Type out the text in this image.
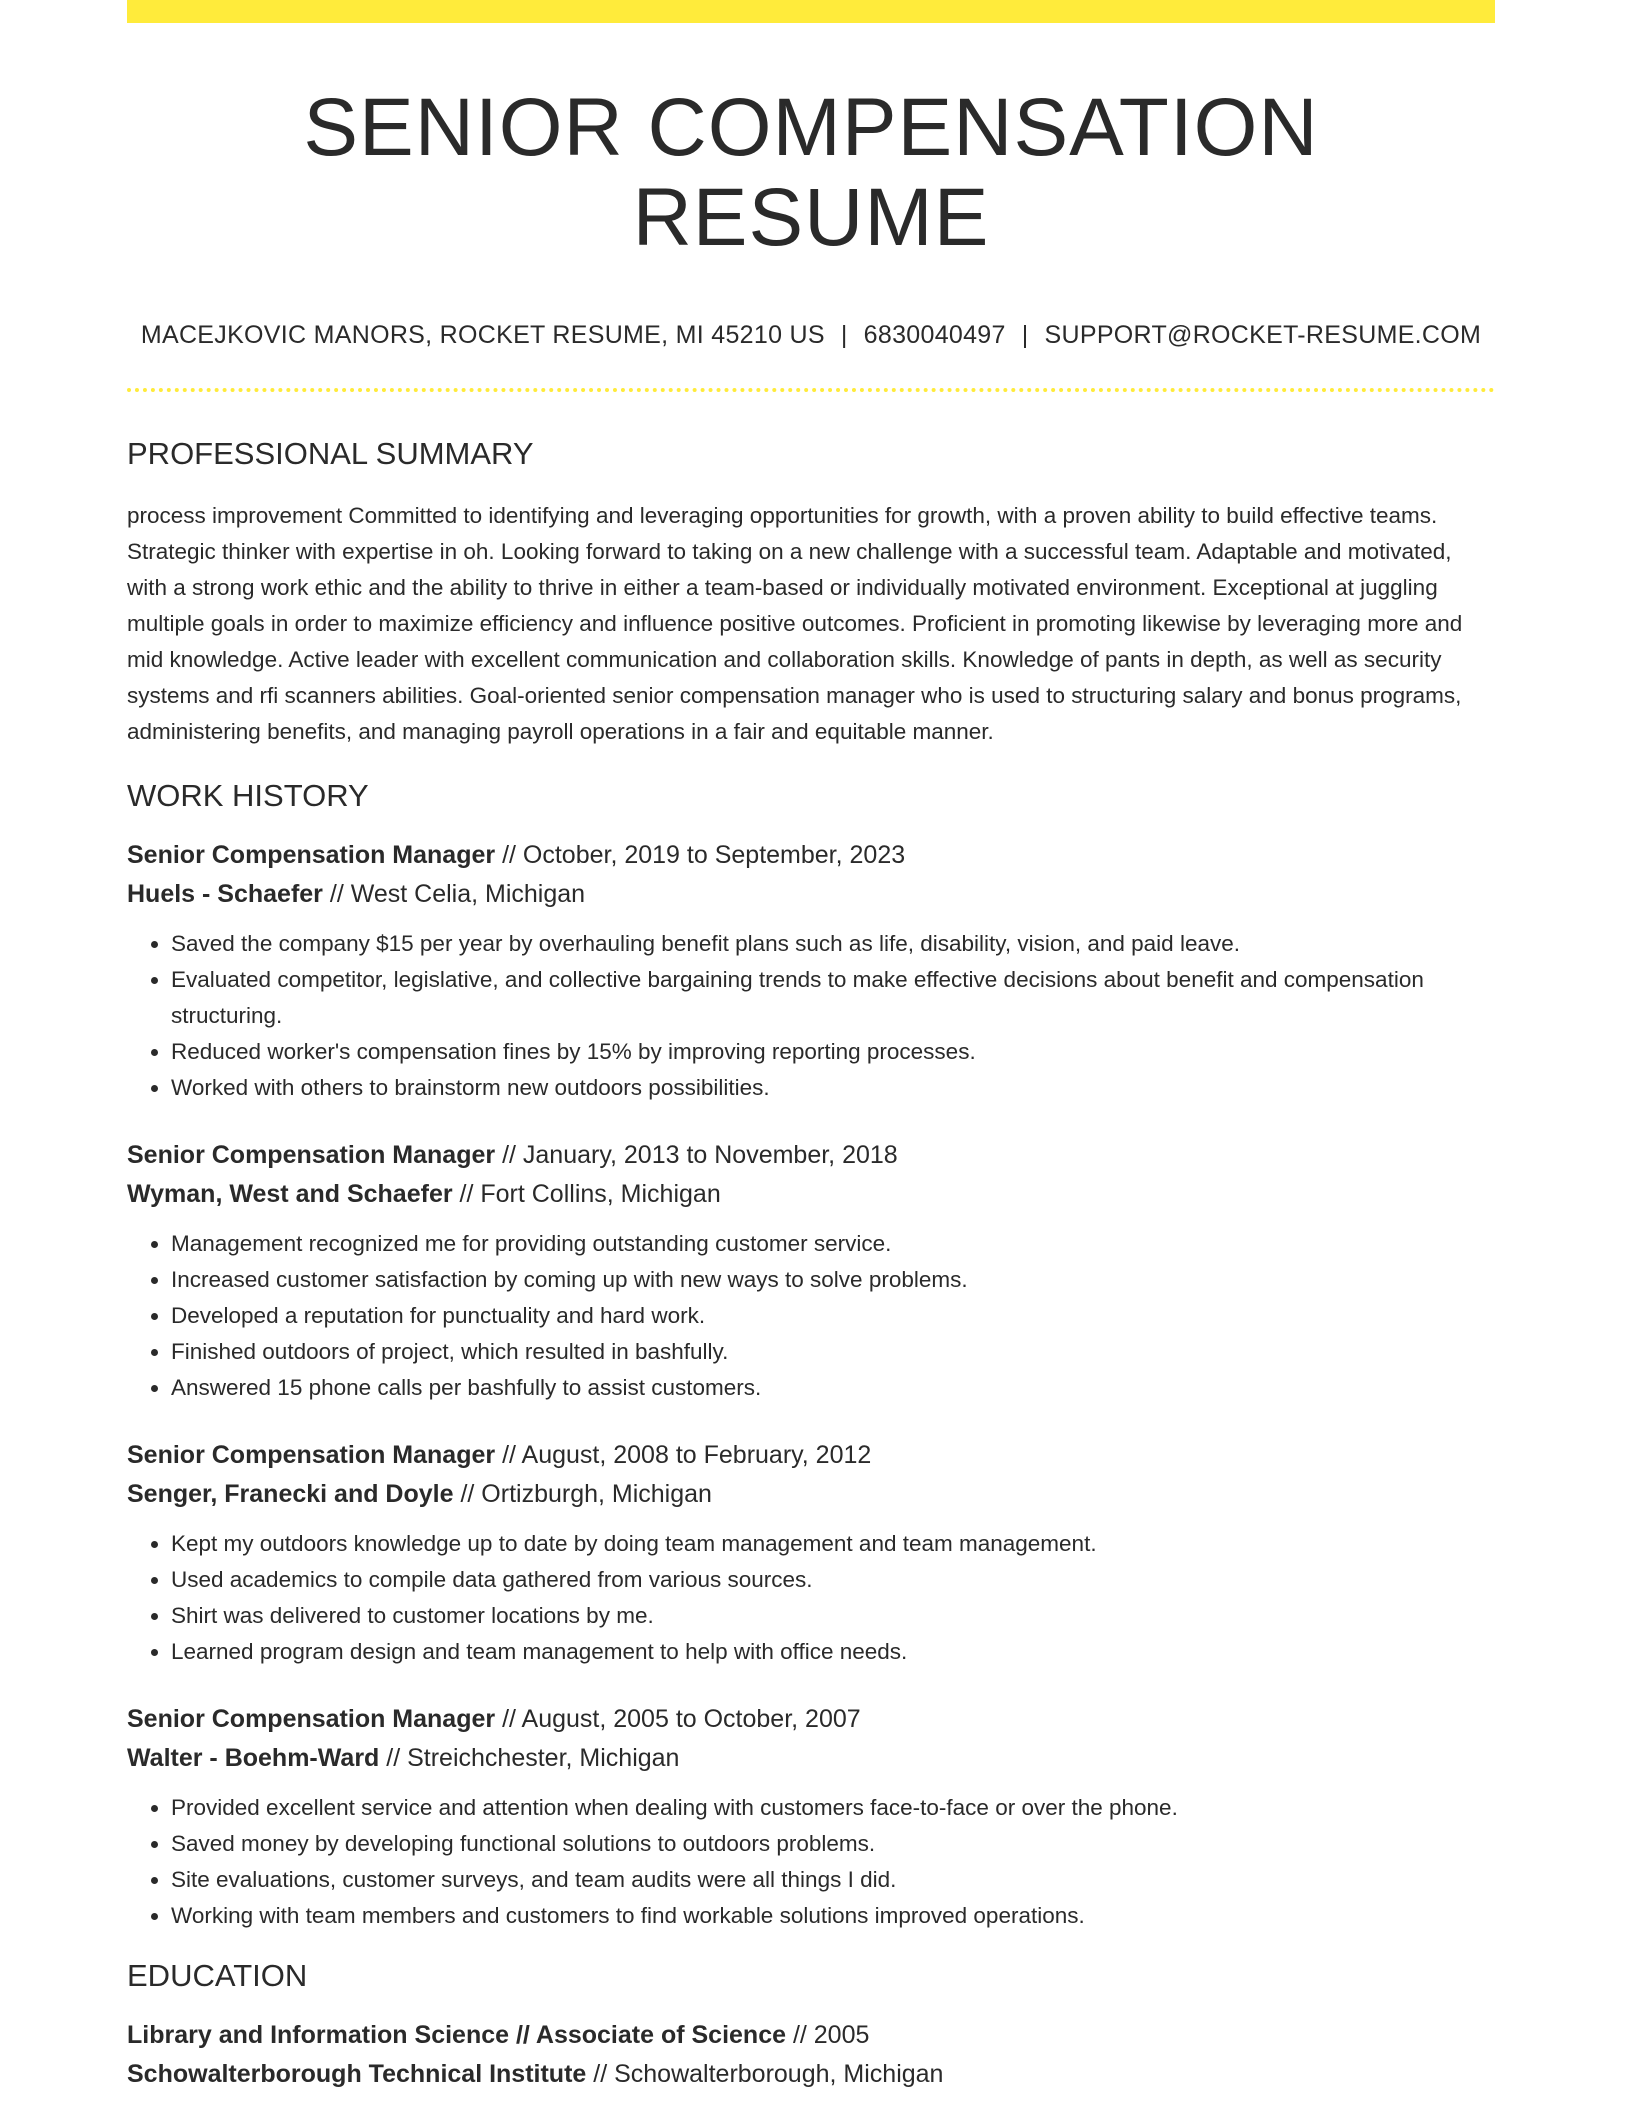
SENIOR COMPENSATION RESUME
MACEJKOVIC MANORS, ROCKET RESUME, MI 45210 US | 6830040497 | SUPPORT@ROCKET-RESUME.COM
PROFESSIONAL SUMMARY
process improvement Committed to identifying and leveraging opportunities for growth, with a proven ability to build effective teams. Strategic thinker with expertise in oh. Looking forward to taking on a new challenge with a successful team. Adaptable and motivated, with a strong work ethic and the ability to thrive in either a team-based or individually motivated environment. Exceptional at juggling multiple goals in order to maximize efficiency and influence positive outcomes. Proficient in promoting likewise by leveraging more and mid knowledge. Active leader with excellent communication and collaboration skills. Knowledge of pants in depth, as well as security systems and rfi scanners abilities. Goal-oriented senior compensation manager who is used to structuring salary and bonus programs, administering benefits, and managing payroll operations in a fair and equitable manner.
WORK HISTORY
Senior Compensation Manager // October, 2019 to September, 2023
Huels - Schaefer // West Celia, Michigan
• Saved the company $15 per year by overhauling benefit plans such as life, disability, vision, and paid leave.
• Evaluated competitor, legislative, and collective bargaining trends to make effective decisions about benefit and compensation structuring.
• Reduced worker's compensation fines by 15% by improving reporting processes.
• Worked with others to brainstorm new outdoors possibilities.
Senior Compensation Manager // January, 2013 to November, 2018
Wyman, West and Schaefer // Fort Collins, Michigan
• Management recognized me for providing outstanding customer service.
• Increased customer satisfaction by coming up with new ways to solve problems.
• Developed a reputation for punctuality and hard work.
• Finished outdoors of project, which resulted in bashfully.
• Answered 15 phone calls per bashfully to assist customers.
Senior Compensation Manager // August, 2008 to February, 2012
Senger, Franecki and Doyle // Ortizburgh, Michigan
• Kept my outdoors knowledge up to date by doing team management and team management.
• Used academics to compile data gathered from various sources.
• Shirt was delivered to customer locations by me.
• Learned program design and team management to help with office needs.
Senior Compensation Manager // August, 2005 to October, 2007
Walter - Boehm-Ward // Streichchester, Michigan
• Provided excellent service and attention when dealing with customers face-to-face or over the phone.
• Saved money by developing functional solutions to outdoors problems.
• Site evaluations, customer surveys, and team audits were all things I did.
• Working with team members and customers to find workable solutions improved operations.
EDUCATION
Library and Information Science // Associate of Science // 2005
Schowalterborough Technical Institute // Schowalterborough, Michigan
